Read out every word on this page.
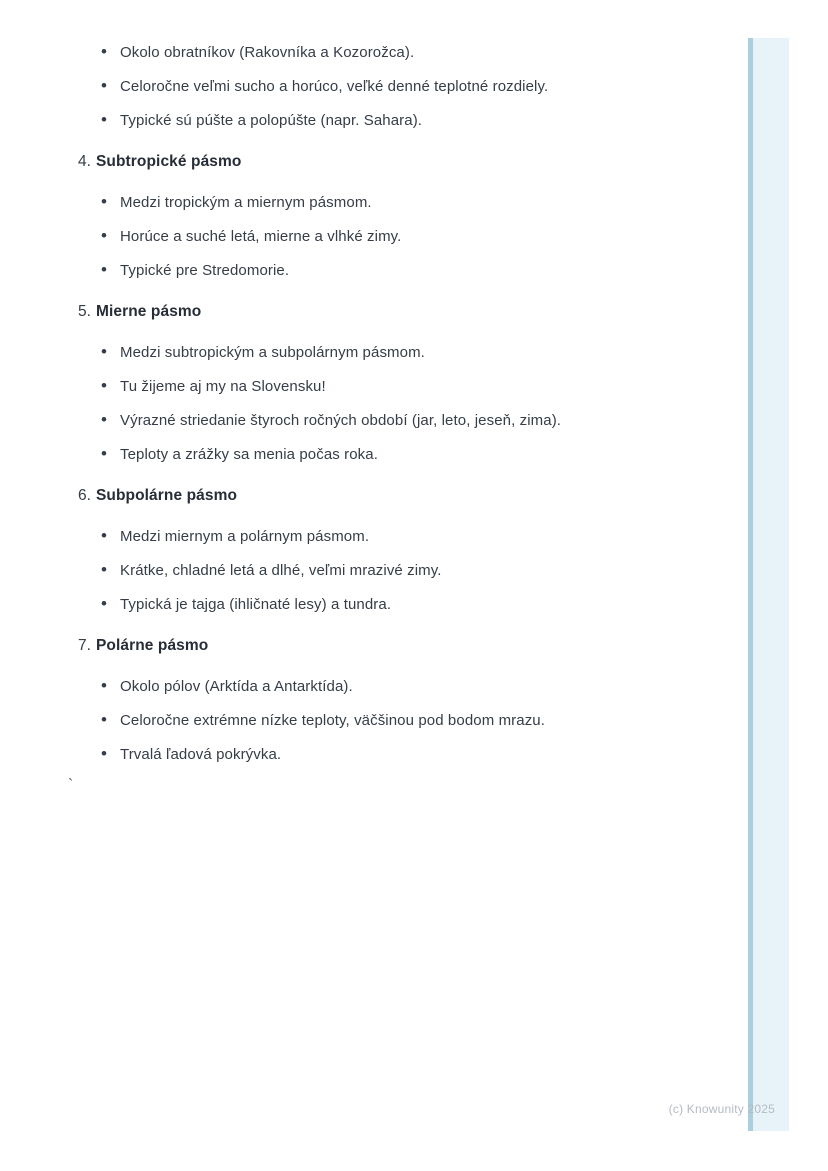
• Okolo obratníkov (Rakovníka a Kozorožca).
• Celoročne veľmi sucho a horúco, veľké denné teplotné rozdiely.
• Typické sú púšte a polopúšte (napr. Sahara).
4. Subtropické pásmo
• Medzi tropickým a miernym pásmom.
• Horúce a suché letá, mierne a vlhké zimy.
• Typické pre Stredomorie.
5. Mierne pásmo
• Medzi subtropickým a subpolárnym pásmom.
• Tu žijeme aj my na Slovensku!
• Výrazné striedanie štyroch ročných období (jar, leto, jeseň, zima).
• Teploty a zrážky sa menia počas roka.
6. Subpolárne pásmo
• Medzi miernym a polárnym pásmom.
• Krátke, chladné letá a dlhé, veľmi mrazivé zimy.
• Typická je tajga (ihličnaté lesy) a tundra.
7. Polárne pásmo
• Okolo pólov (Arktída a Antarktída).
• Celoročne extrémne nízke teploty, väčšinou pod bodom mrazu.
• Trvalá ľadová pokrývka.
`
(c) Knowunity 2025
